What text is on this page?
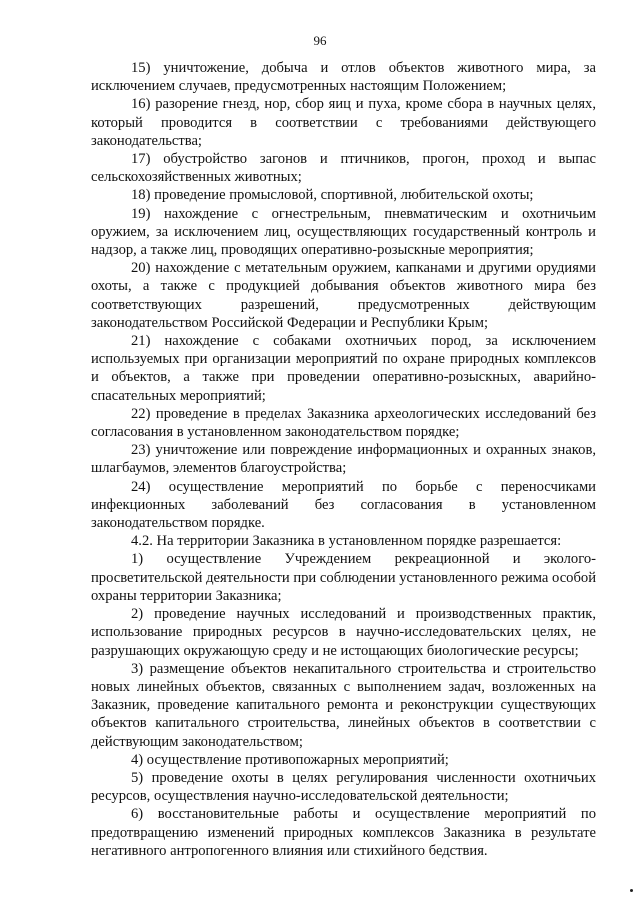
96

15) уничтожение, добыча и отлов объектов животного мира, за исключением случаев, предусмотренных настоящим Положением;

16) разорение гнезд, нор, сбор яиц и пуха, кроме сбора в научных целях, который проводится в соответствии с требованиями действующего законодательства;

17) обустройство загонов и птичников, прогон, проход и выпас сельскохозяйственных животных;

18) проведение промысловой, спортивной, любительской охоты;

19) нахождение с огнестрельным, пневматическим и охотничьим оружием, за исключением лиц, осуществляющих государственный контроль и надзор, а также лиц, проводящих оперативно-розыскные мероприятия;

20) нахождение с метательным оружием, капканами и другими орудиями охоты, а также с продукцией добывания объектов животного мира без соответствующих разрешений, предусмотренных действующим законодательством Российской Федерации и Республики Крым;

21) нахождение с собаками охотничьих пород, за исключением используемых при организации мероприятий по охране природных комплексов и объектов, а также при проведении оперативно-розыскных, аварийно-спасательных мероприятий;

22) проведение в пределах Заказника археологических исследований без согласования в установленном законодательством порядке;

23) уничтожение или повреждение информационных и охранных знаков, шлагбаумов, элементов благоустройства;

24) осуществление мероприятий по борьбе с переносчиками инфекционных заболеваний без согласования в установленном законодательством порядке.

4.2. На территории Заказника в установленном порядке разрешается:

1) осуществление Учреждением рекреационной и эколого-просветительской деятельности при соблюдении установленного режима особой охраны территории Заказника;

2) проведение научных исследований и производственных практик, использование природных ресурсов в научно-исследовательских целях, не разрушающих окружающую среду и не истощающих биологические ресурсы;

3) размещение объектов некапитального строительства и строительство новых линейных объектов, связанных с выполнением задач, возложенных на Заказник, проведение капитального ремонта и реконструкции существующих объектов капитального строительства, линейных объектов в соответствии с действующим законодательством;

4) осуществление противопожарных мероприятий;

5) проведение охоты в целях регулирования численности охотничьих ресурсов, осуществления научно-исследовательской деятельности;

6) восстановительные работы и осуществление мероприятий по предотвращению изменений природных комплексов Заказника в результате негативного антропогенного влияния или стихийного бедствия.
